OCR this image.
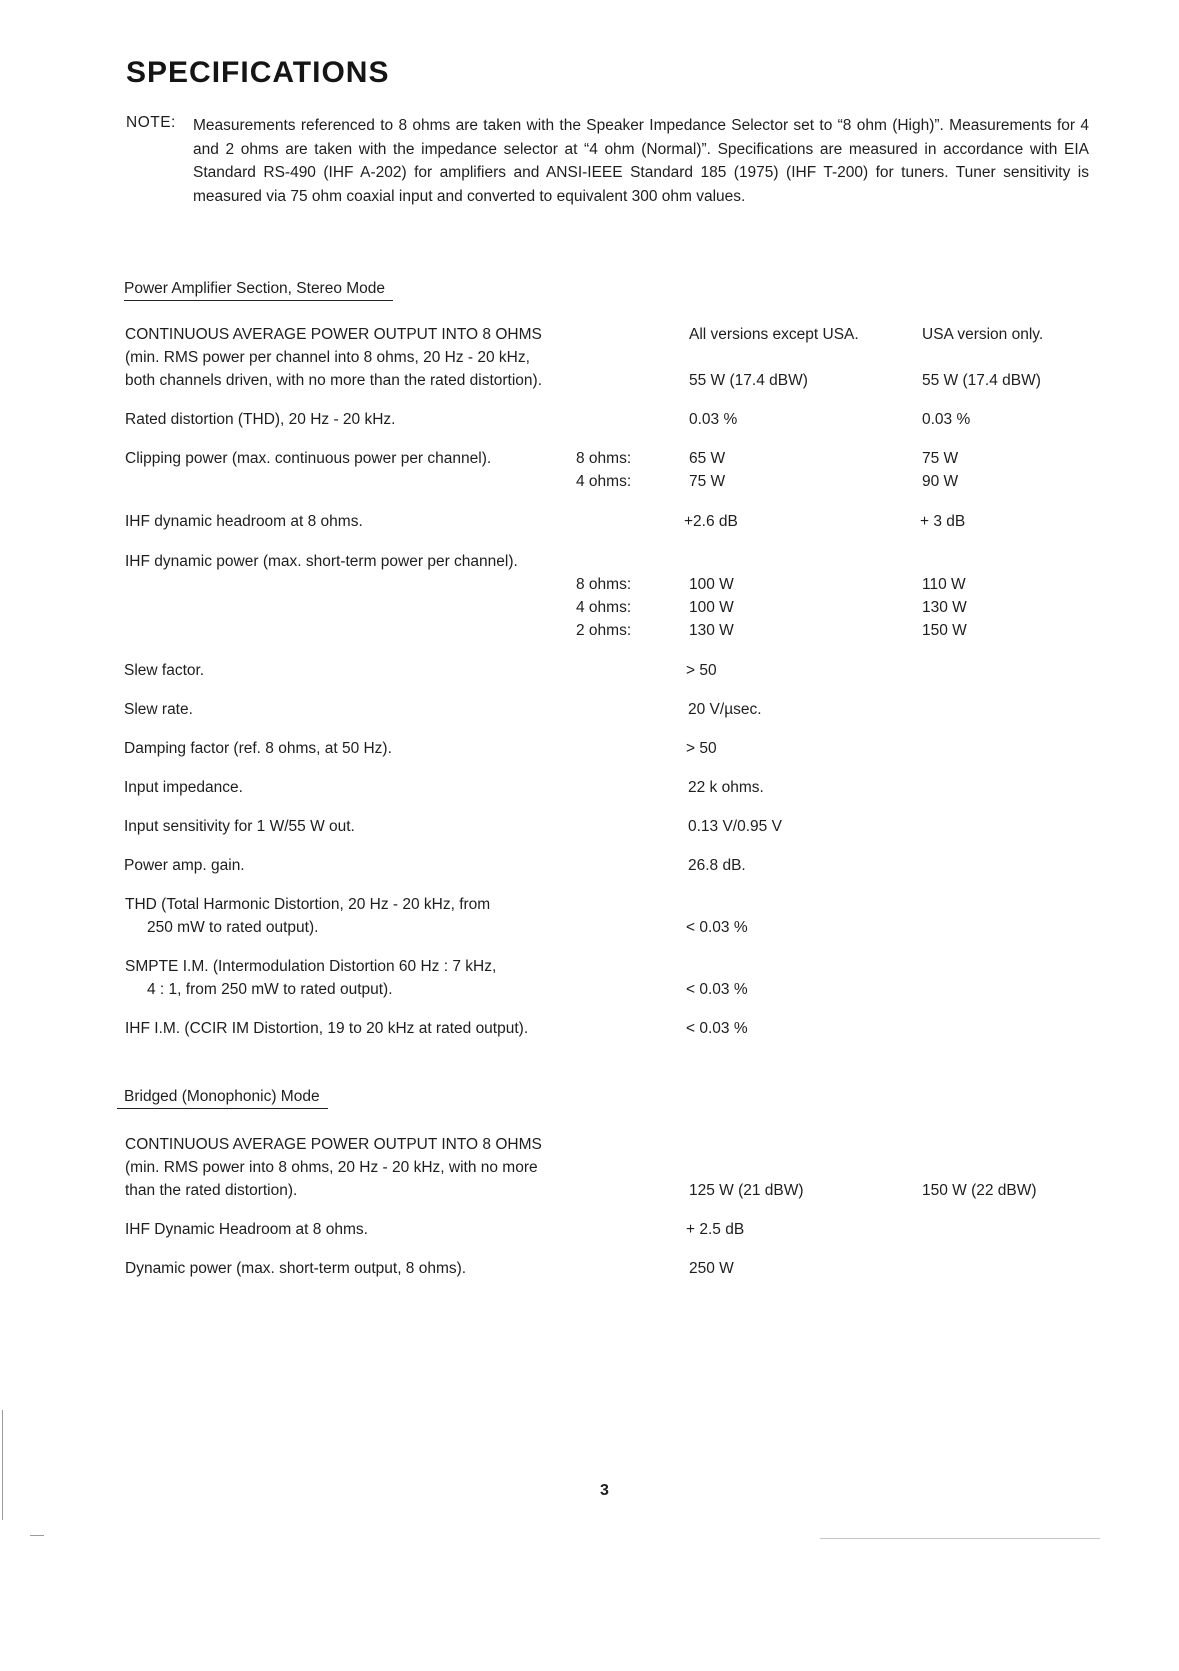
SPECIFICATIONS
NOTE: Measurements referenced to 8 ohms are taken with the Speaker Impedance Selector set to “8 ohm (High)”. Measurements for 4 and 2 ohms are taken with the impedance selector at “4 ohm (Normal)”. Specifications are measured in accordance with EIA Standard RS-490 (IHF A-202) for amplifiers and ANSI-IEEE Standard 185 (1975) (IHF T-200) for tuners. Tuner sensitivity is measured via 75 ohm coaxial input and converted to equivalent 300 ohm values.
Power Amplifier Section, Stereo Mode
CONTINUOUS AVERAGE POWER OUTPUT INTO 8 OHMS	All versions except USA.	USA version only.
(min. RMS power per channel into 8 ohms, 20 Hz - 20 kHz,
both channels driven, with no more than the rated distortion).	55 W (17.4 dBW)	55 W (17.4 dBW)
Rated distortion (THD), 20 Hz - 20 kHz.	0.03 %	0.03 %
Clipping power (max. continuous power per channel).	8 ohms:	65 W	75 W
4 ohms:	75 W	90 W
IHF dynamic headroom at 8 ohms.	+2.6 dB	+ 3 dB
IHF dynamic power (max. short-term power per channel).
8 ohms:	100 W	110 W
4 ohms:	100 W	130 W
2 ohms:	130 W	150 W
Slew factor.	> 50
Slew rate.	20 V/µsec.
Damping factor (ref. 8 ohms, at 50 Hz).	> 50
Input impedance.	22 k ohms.
Input sensitivity for 1 W/55 W out.	0.13 V/0.95 V
Power amp. gain.	26.8 dB.
THD (Total Harmonic Distortion, 20 Hz - 20 kHz, from
250 mW to rated output).	< 0.03 %
SMPTE I.M. (Intermodulation Distortion 60 Hz : 7 kHz,
4 : 1, from 250 mW to rated output).	< 0.03 %
IHF I.M. (CCIR IM Distortion, 19 to 20 kHz at rated output).	< 0.03 %
Bridged (Monophonic) Mode
CONTINUOUS AVERAGE POWER OUTPUT INTO 8 OHMS
(min. RMS power into 8 ohms, 20 Hz - 20 kHz, with no more
than the rated distortion).	125 W (21 dBW)	150 W (22 dBW)
IHF Dynamic Headroom at 8 ohms.	+ 2.5 dB
Dynamic power (max. short-term output, 8 ohms).	250 W
3
